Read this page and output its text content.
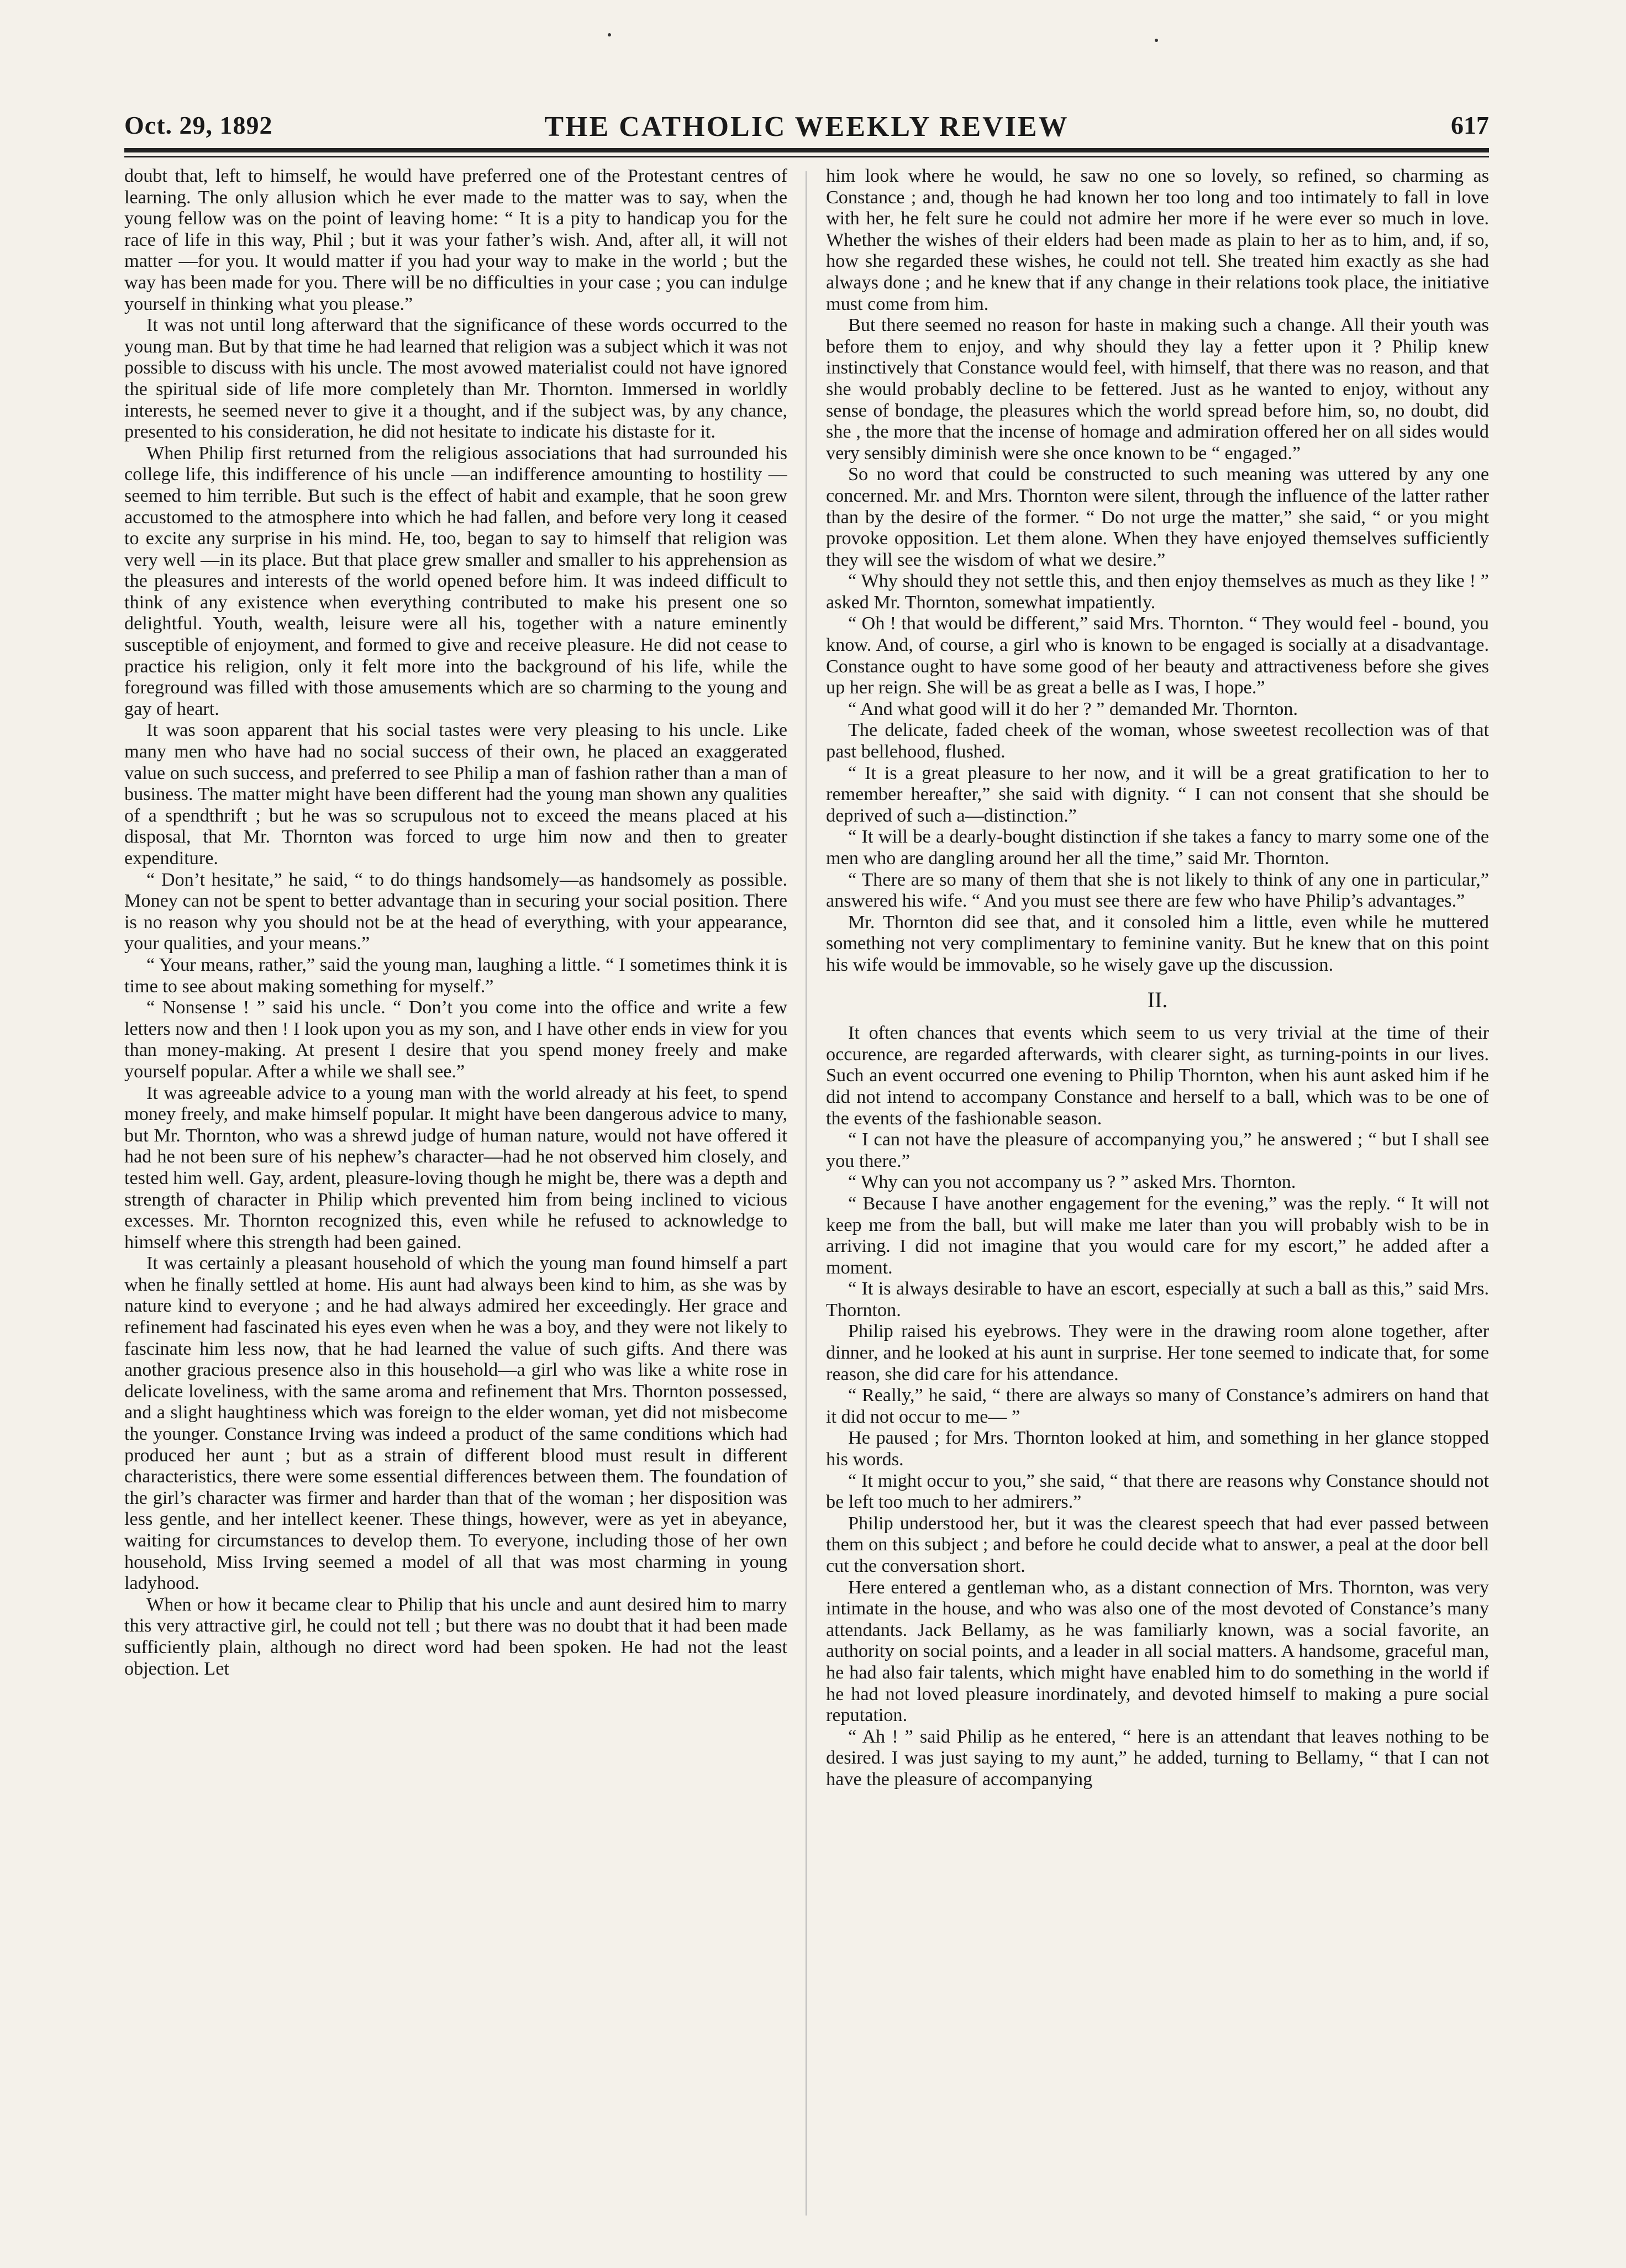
Oct. 29, 1892	THE CATHOLIC WEEKLY REVIEW	617

doubt that, left to himself, he would have preferred one of the Protestant centres of learning. The only allusion which he ever made to the matter was to say, when the young fellow was on the point of leaving home: “ It is a pity to handicap you for the race of life in this way, Phil ; but it was your father’s wish. And, after all, it will not matter —for you. It would matter if you had your way to make in the world ; but the way has been made for you. There will be no difficulties in your case ; you can indulge yourself in thinking what you please.”

It was not until long afterward that the significance of these words occurred to the young man. But by that time he had learned that religion was a subject which it was not possible to discuss with his uncle. The most avowed materialist could not have ignored the spiritual side of life more completely than Mr. Thornton. Immersed in worldly interests, he seemed never to give it a thought, and if the subject was, by any chance, presented to his consideration, he did not hesitate to indicate his distaste for it.

When Philip first returned from the religious associations that had surrounded his college life, this indifference of his uncle —an indifference amounting to hostility —seemed to him terrible. But such is the effect of habit and example, that he soon grew accustomed to the atmosphere into which he had fallen, and before very long it ceased to excite any surprise in his mind. He, too, began to say to himself that religion was very well —in its place. But that place grew smaller and smaller to his apprehension as the pleasures and interests of the world opened before him. It was indeed difficult to think of any existence when everything contributed to make his present one so delightful. Youth, wealth, leisure were all his, together with a nature eminently susceptible of enjoyment, and formed to give and receive pleasure. He did not cease to practice his religion, only it felt more into the background of his life, while the foreground was filled with those amusements which are so charming to the young and gay of heart.

It was soon apparent that his social tastes were very pleasing to his uncle. Like many men who have had no social success of their own, he placed an exaggerated value on such success, and preferred to see Philip a man of fashion rather than a man of business. The matter might have been different had the young man shown any qualities of a spendthrift ; but he was so scrupulous not to exceed the means placed at his disposal, that Mr. Thornton was forced to urge him now and then to greater expenditure.

“ Don’t hesitate,” he said, “ to do things handsomely—as handsomely as possible. Money can not be spent to better advantage than in securing your social position. There is no reason why you should not be at the head of everything, with your appearance, your qualities, and your means.”

“ Your means, rather,” said the young man, laughing a little. “ I sometimes think it is time to see about making something for myself.”

“ Nonsense ! ” said his uncle. “ Don’t you come into the office and write a few letters now and then ! I look upon you as my son, and I have other ends in view for you than money-making. At present I desire that you spend money freely and make yourself popular. After a while we shall see.”

It was agreeable advice to a young man with the world already at his feet, to spend money freely, and make himself popular. It might have been dangerous advice to many, but Mr. Thornton, who was a shrewd judge of human nature, would not have offered it had he not been sure of his nephew’s character—had he not observed him closely, and tested him well. Gay, ardent, pleasure-loving though he might be, there was a depth and strength of character in Philip which prevented him from being inclined to vicious excesses. Mr. Thornton recognized this, even while he refused to acknowledge to himself where this strength had been gained.

It was certainly a pleasant household of which the young man found himself a part when he finally settled at home. His aunt had always been kind to him, as she was by nature kind to everyone ; and he had always admired her exceedingly. Her grace and refinement had fascinated his eyes even when he was a boy, and they were not likely to fascinate him less now, that he had learned the value of such gifts. And there was another gracious presence also in this household—a girl who was like a white rose in delicate loveliness, with the same aroma and refinement that Mrs. Thornton possessed, and a slight haughtiness which was foreign to the elder woman, yet did not misbecome the younger. Constance Irving was indeed a product of the same conditions which had produced her aunt ; but as a strain of different blood must result in different characteristics, there were some essential differences between them. The foundation of the girl’s character was firmer and harder than that of the woman ; her disposition was less gentle, and her intellect keener. These things, however, were as yet in abeyance, waiting for circumstances to develop them. To everyone, including those of her own household, Miss Irving seemed a model of all that was most charming in young ladyhood.

When or how it became clear to Philip that his uncle and aunt desired him to marry this very attractive girl, he could not tell ; but there was no doubt that it had been made sufficiently plain, although no direct word had been spoken. He had not the least objection. Let

him look where he would, he saw no one so lovely, so refined, so charming as Constance ; and, though he had known her too long and too intimately to fall in love with her, he felt sure he could not admire her more if he were ever so much in love. Whether the wishes of their elders had been made as plain to her as to him, and, if so, how she regarded these wishes, he could not tell. She treated him exactly as she had always done ; and he knew that if any change in their relations took place, the initiative must come from him.

But there seemed no reason for haste in making such a change. All their youth was before them to enjoy, and why should they lay a fetter upon it ? Philip knew instinctively that Constance would feel, with himself, that there was no reason, and that she would probably decline to be fettered. Just as he wanted to enjoy, without any sense of bondage, the pleasures which the world spread before him, so, no doubt, did she , the more that the incense of homage and admiration offered her on all sides would very sensibly diminish were she once known to be “ engaged.”

So no word that could be constructed to such meaning was uttered by any one concerned. Mr. and Mrs. Thornton were silent, through the influence of the latter rather than by the desire of the former. “ Do not urge the matter,” she said, “ or you might provoke opposition. Let them alone. When they have enjoyed themselves sufficiently they will see the wisdom of what we desire.”

“ Why should they not settle this, and then enjoy themselves as much as they like ! ” asked Mr. Thornton, somewhat impatiently.

“ Oh ! that would be different,” said Mrs. Thornton. “ They would feel - bound, you know. And, of course, a girl who is known to be engaged is socially at a disadvantage. Constance ought to have some good of her beauty and attractiveness before she gives up her reign. She will be as great a belle as I was, I hope.”

“ And what good will it do her ? ” demanded Mr. Thornton.

The delicate, faded cheek of the woman, whose sweetest recollection was of that past bellehood, flushed.

“ It is a great pleasure to her now, and it will be a great gratification to her to remember hereafter,” she said with dignity. “ I can not consent that she should be deprived of such a—distinction.”

“ It will be a dearly-bought distinction if she takes a fancy to marry some one of the men who are dangling around her all the time,” said Mr. Thornton.

“ There are so many of them that she is not likely to think of any one in particular,” answered his wife. “ And you must see there are few who have Philip’s advantages.”

Mr. Thornton did see that, and it consoled him a little, even while he muttered something not very complimentary to feminine vanity. But he knew that on this point his wife would be immovable, so he wisely gave up the discussion.

II.

It often chances that events which seem to us very trivial at the time of their occurence, are regarded afterwards, with clearer sight, as turning-points in our lives. Such an event occurred one evening to Philip Thornton, when his aunt asked him if he did not intend to accompany Constance and herself to a ball, which was to be one of the events of the fashionable season.

“ I can not have the pleasure of accompanying you,” he answered ; “ but I shall see you there.”

“ Why can you not accompany us ? ” asked Mrs. Thornton.

“ Because I have another engagement for the evening,” was the reply. “ It will not keep me from the ball, but will make me later than you will probably wish to be in arriving. I did not imagine that you would care for my escort,” he added after a moment.

“ It is always desirable to have an escort, especially at such a ball as this,” said Mrs. Thornton.

Philip raised his eyebrows. They were in the drawing room alone together, after dinner, and he looked at his aunt in surprise. Her tone seemed to indicate that, for some reason, she did care for his attendance.

“ Really,” he said, “ there are always so many of Constance’s admirers on hand that it did not occur to me— ”

He paused ; for Mrs. Thornton looked at him, and something in her glance stopped his words.

“ It might occur to you,” she said, “ that there are reasons why Constance should not be left too much to her admirers.”

Philip understood her, but it was the clearest speech that had ever passed between them on this subject ; and before he could decide what to answer, a peal at the door bell cut the conversation short.

Here entered a gentleman who, as a distant connection of Mrs. Thornton, was very intimate in the house, and who was also one of the most devoted of Constance’s many attendants. Jack Bellamy, as he was familiarly known, was a social favorite, an authority on social points, and a leader in all social matters. A handsome, graceful man, he had also fair talents, which might have enabled him to do something in the world if he had not loved pleasure inordinately, and devoted himself to making a pure social reputation.

“ Ah ! ” said Philip as he entered, “ here is an attendant that leaves nothing to be desired. I was just saying to my aunt,” he added, turning to Bellamy, “ that I can not have the pleasure of accompanying
